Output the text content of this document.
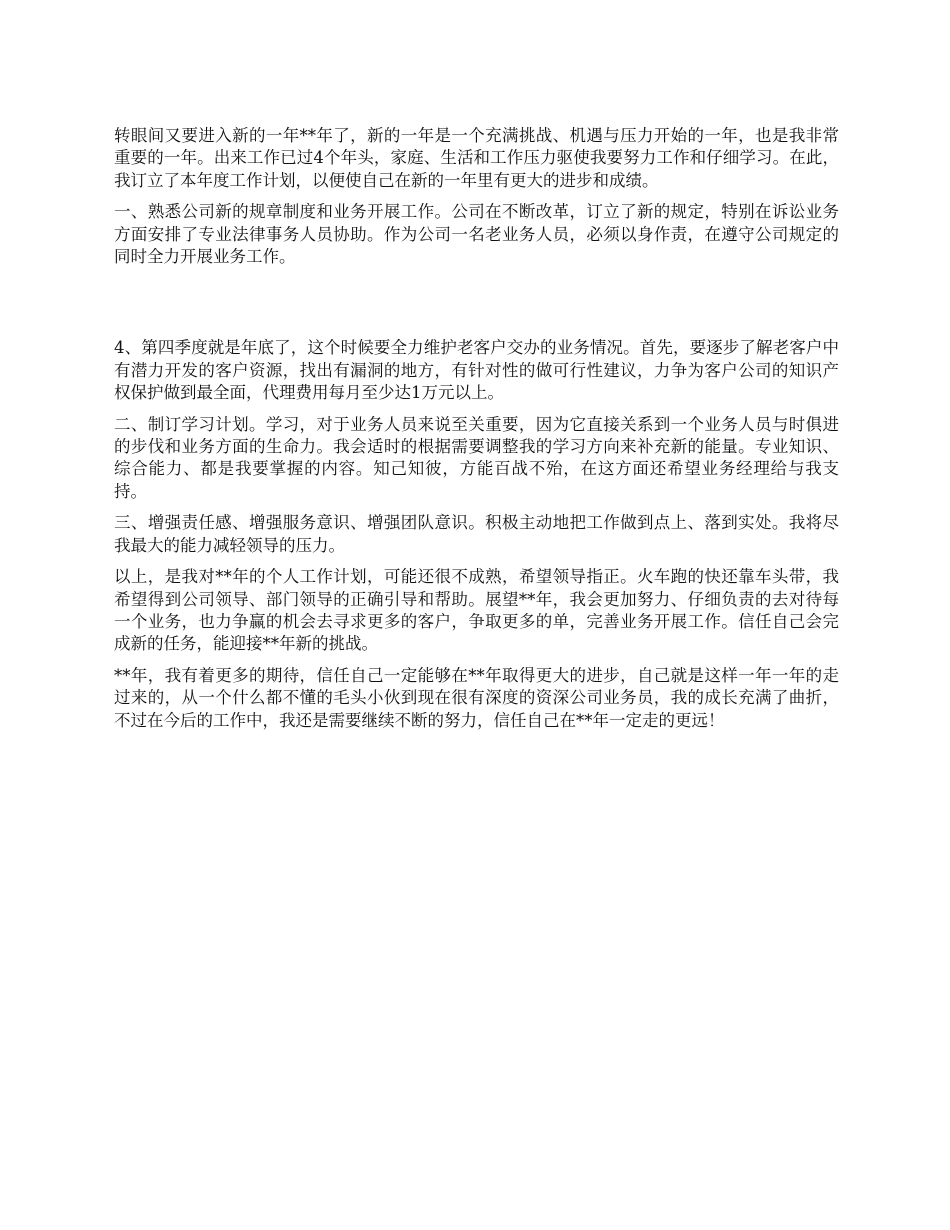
转眼间又要进入新的一年**年了，新的一年是一个充满挑战、机遇与压力开始的一年，也是我非常重要的一年。出来工作已过4个年头，家庭、生活和工作压力驱使我要努力工作和仔细学习。在此，我订立了本年度工作计划，以便使自己在新的一年里有更大的进步和成绩。

一、熟悉公司新的规章制度和业务开展工作。公司在不断改革，订立了新的规定，特别在诉讼业务方面安排了专业法律事务人员协助。作为公司一名老业务人员，必须以身作责，在遵守公司规定的同时全力开展业务工作。

4、第四季度就是年底了，这个时候要全力维护老客户交办的业务情况。首先，要逐步了解老客户中有潜力开发的客户资源，找出有漏洞的地方，有针对性的做可行性建议，力争为客户公司的知识产权保护做到最全面，代理费用每月至少达1万元以上。

二、制订学习计划。学习，对于业务人员来说至关重要，因为它直接关系到一个业务人员与时俱进的步伐和业务方面的生命力。我会适时的根据需要调整我的学习方向来补充新的能量。专业知识、综合能力、都是我要掌握的内容。知己知彼，方能百战不殆，在这方面还希望业务经理给与我支持。

三、增强责任感、增强服务意识、增强团队意识。积极主动地把工作做到点上、落到实处。我将尽我最大的能力减轻领导的压力。

以上，是我对**年的个人工作计划，可能还很不成熟，希望领导指正。火车跑的快还靠车头带，我希望得到公司领导、部门领导的正确引导和帮助。展望**年，我会更加努力、仔细负责的去对待每一个业务，也力争赢的机会去寻求更多的客户，争取更多的单，完善业务开展工作。信任自己会完成新的任务，能迎接**年新的挑战。

**年，我有着更多的期待，信任自己一定能够在**年取得更大的进步，自己就是这样一年一年的走过来的，从一个什么都不懂的毛头小伙到现在很有深度的资深公司业务员，我的成长充满了曲折，不过在今后的工作中，我还是需要继续不断的努力，信任自己在**年一定走的更远！
